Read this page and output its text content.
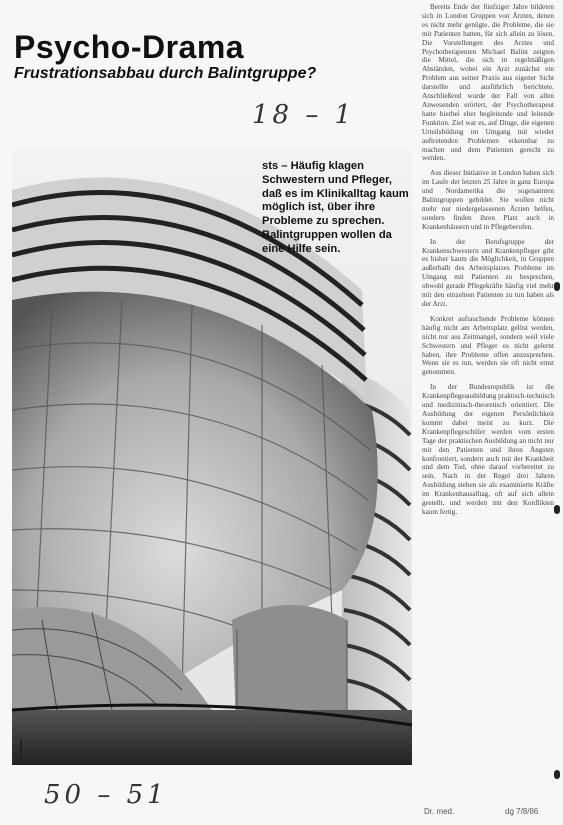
Psycho-Drama
Frustrationsabbau durch Balintgruppe?
18 – 1
sts – Häufig klagen Schwestern und Pfleger, daß es im Klinikalltag kaum möglich ist, über ihre Probleme zu sprechen. Balintgruppen wollen da eine Hilfe sein.

Bereits Ende der fünfziger Jahre bildeten sich in London Gruppen von Ärzten, denen es nicht mehr genügte, die Probleme, die sie mit Patienten hatten, für sich allein zu lösen. Die Vorstellungen des Arztes und Psychotherapeuten Michael Balint zeigten die Mittel, die sich in regelmäßigen Abständen, wobei ein Arzt zunächst ein Problem aus seiner Praxis aus eigener Sicht darstellte und ausführlich berichtete. Anschließend wurde der Fall von allen Anwesenden erörtert, der Psychotherapeut hatte hierbei eher begleitende und leitende Funktion. Ziel war es, auf Dinge, die eigenen Urteilsbildung im Umgang mit wieder auftretenden Problemen erkennbar zu machen und dem Patienten gerecht zu werden.

Aus dieser Initiative in London haben sich im Laufe der letzten 25 Jahre in ganz Europa und Nordamerika die sogenannten Balintgruppen gebildet. Sie wollen nicht mehr nur niedergelassenen Ärzten helfen, sondern finden ihren Platz auch in Krankenhäusern und in Pflegeberufen.

In der Berufsgruppe der Krankenschwestern und Krankenpfleger gibt es bisher kaum die Möglichkeit, in Gruppen außerhalb des Arbeitsplatzes Probleme im Umgang mit Patienten zu besprechen, obwohl gerade Pflegekräfte häufig viel mehr mit den einzelnen Patienten zu tun haben als der Arzt.

Konkret auftauchende Probleme können häufig nicht am Arbeitsplatz gelöst werden, nicht nur aus Zeitmangel, sondern weil viele Schwestern und Pfleger es nicht gelernt haben, ihre Probleme offen anzusprechen. Wenn sie es tun, werden sie oft nicht ernst genommen.

In der Bundesrepublik ist die Krankenpflegeausbildung praktisch-technisch und medizinisch-theoretisch orientiert. Die Ausbildung der eigenen Persönlichkeit kommt dabei meist zu kurz. Die Krankenpflegeschüler werden vom ersten Tage der praktischen Ausbildung an nicht nur mit den Patienten und ihren Ängsten konfrontiert, sondern auch mit der Krankheit und dem Tod, ohne darauf vorbereitet zu sein. Nach in der Regel drei Jahren Ausbildung stehen sie als examinierte Kräfte im Krankenhausalltag, oft auf sich allein gestellt, und werden mit den Konflikten kaum fertig.

50 – 51
Dr. med.	dg 7/8/86
